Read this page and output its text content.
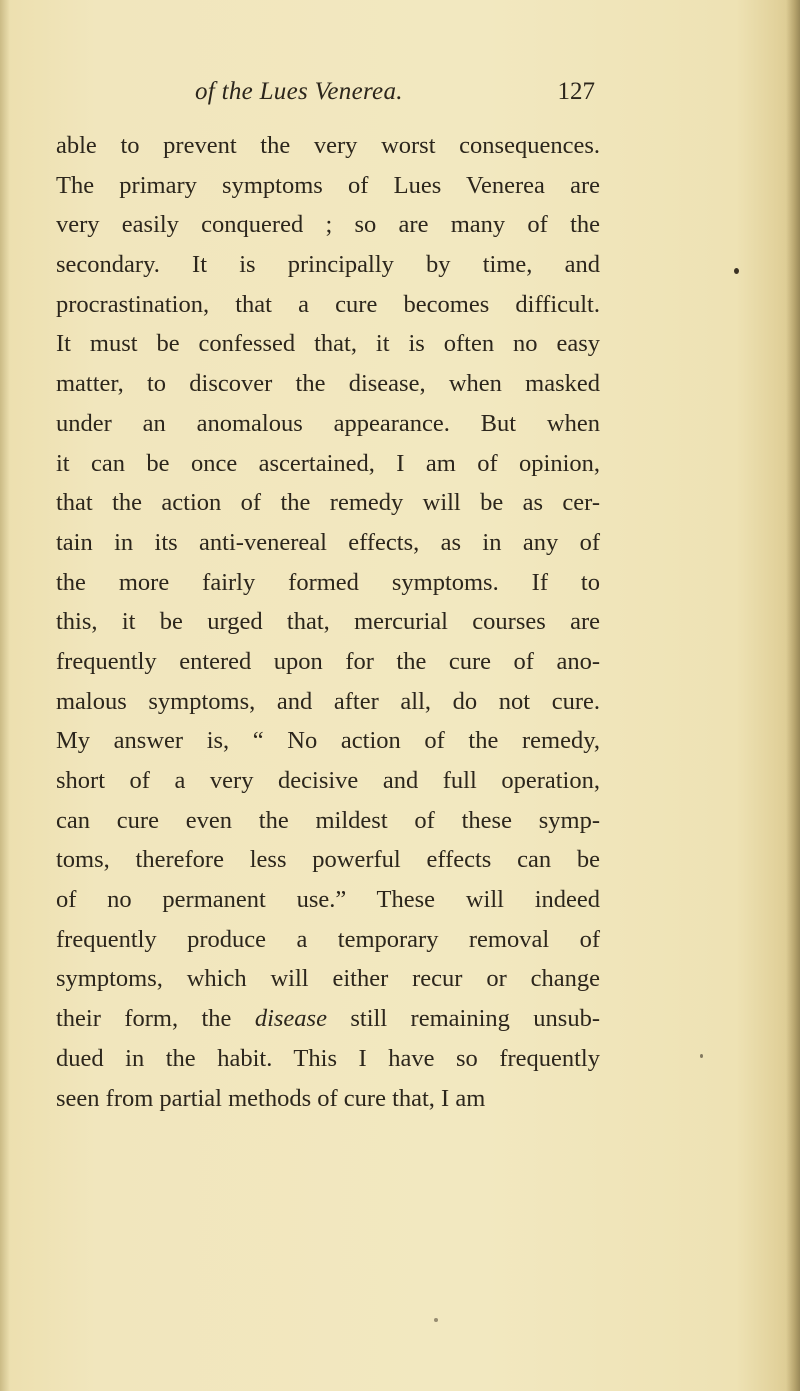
of the Lues Venerea.	127
able to prevent the very worst consequences.
The primary symptoms of Lues Venerea are
very easily conquered ; so are many of the
secondary. It is principally by time, and
procrastination, that a cure becomes difficult.
It must be confessed that, it is often no easy
matter, to discover the disease, when masked
under an anomalous appearance. But when
it can be once ascertained, I am of opinion,
that the action of the remedy will be as cer-
tain in its anti-venereal effects, as in any of
the more fairly formed symptoms. If to
this, it be urged that, mercurial courses are
frequently entered upon for the cure of ano-
malous symptoms, and after all, do not cure.
My answer is, “ No action of the remedy,
short of a very decisive and full operation,
can cure even the mildest of these symp-
toms, therefore less powerful effects can be
of no permanent use.” These will indeed
frequently produce a temporary removal of
symptoms, which will either recur or change
their form, the disease still remaining unsub-
dued in the habit. This I have so frequently
seen from partial methods of cure that, I am
